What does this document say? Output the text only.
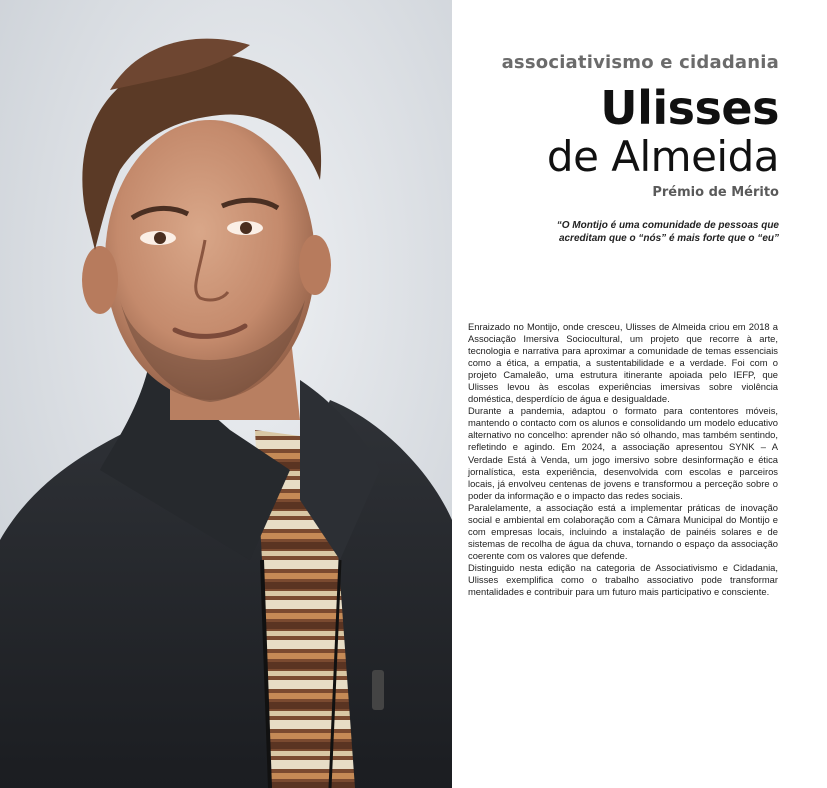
associativismo e cidadania
Ulisses
de Almeida
Prémio de Mérito
“O Montijo é uma comunidade de pessoas que
acreditam que o “nós” é mais forte que o “eu”

Enraizado no Montijo, onde cresceu, Ulisses de Almeida criou em 2018 a Associação Imersiva Sociocultural, um projeto que recorre à arte, tecnologia e narrativa para aproximar a comunidade de temas essenciais como a ética, a empatia, a sustentabilidade e a verdade. Foi com o projeto Camaleão, uma estrutura itinerante apoiada pelo IEFP, que Ulisses levou às escolas experiências imersivas sobre violência doméstica, desperdício de água e desigualdade.

Durante a pandemia, adaptou o formato para contentores móveis, mantendo o contacto com os alunos e consolidando um modelo educativo alternativo no concelho: aprender não só olhando, mas também sentindo, refletindo e agindo. Em 2024, a associação apresentou SYNK – A Verdade Está à Venda, um jogo imersivo sobre desinformação e ética jornalística, esta experiência, desenvolvida com escolas e parceiros locais, já envolveu centenas de jovens e transformou a perceção sobre o poder da informação e o impacto das redes sociais.

Paralelamente, a associação está a implementar práticas de inovação social e ambiental em colaboração com a Câmara Municipal do Montijo e com empresas locais, incluindo a instalação de painéis solares e de sistemas de recolha de água da chuva, tornando o espaço da associação coerente com os valores que defende.

Distinguido nesta edição na categoria de Associativismo e Cidadania, Ulisses exemplifica como o trabalho associativo pode transformar mentalidades e contribuir para um futuro mais participativo e consciente.
